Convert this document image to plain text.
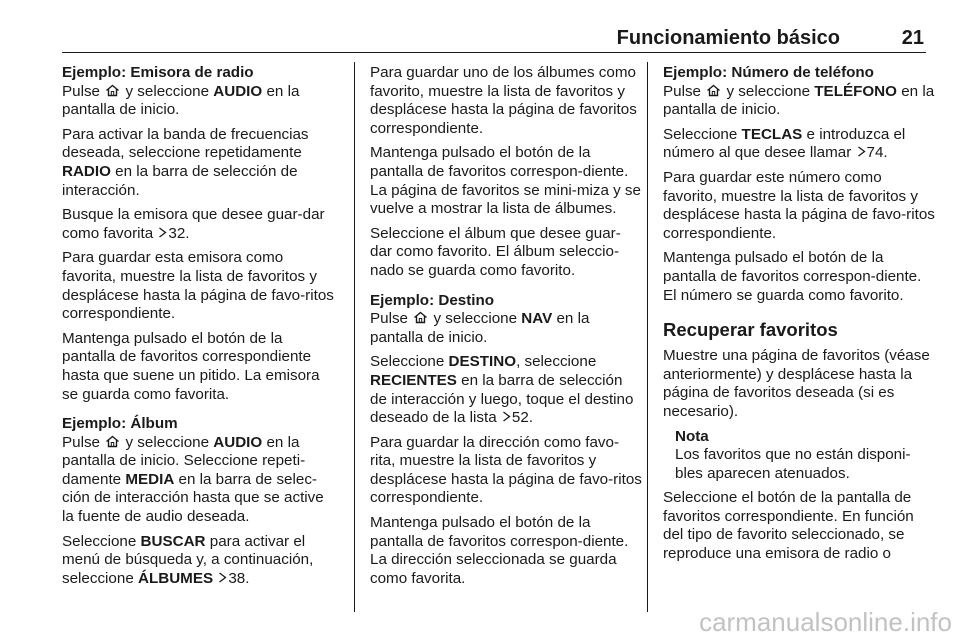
Funcionamiento básico	21

Ejemplo: Emisora de radio

Pulse y seleccione AUDIO en la pantalla de inicio.

Para activar la banda de frecuencias deseada, seleccione repetidamente RADIO en la barra de selección de interacción.

Busque la emisora que desee guar-dar como favorita 32.

Para guardar esta emisora como favorita, muestre la lista de favoritos y desplácese hasta la página de favo-ritos correspondiente.

Mantenga pulsado el botón de la pantalla de favoritos correspondiente hasta que suene un pitido. La emisora se guarda como favorita.

Ejemplo: Álbum

Pulse y seleccione AUDIO en la pantalla de inicio. Seleccione repeti-damente MEDIA en la barra de selec-ción de interacción hasta que se active la fuente de audio deseada.

Seleccione BUSCAR para activar el menú de búsqueda y, a continuación, seleccione ÁLBUMES 38.

Para guardar uno de los álbumes como favorito, muestre la lista de favoritos y desplácese hasta la página de favoritos correspondiente.

Mantenga pulsado el botón de la pantalla de favoritos correspon-diente. La página de favoritos se mini-miza y se vuelve a mostrar la lista de álbumes.

Seleccione el álbum que desee guar-dar como favorito. El álbum seleccio-nado se guarda como favorito.

Ejemplo: Destino

Pulse y seleccione NAV en la pantalla de inicio.

Seleccione DESTINO, seleccione RECIENTES en la barra de selección de interacción y luego, toque el destino deseado de la lista 52.

Para guardar la dirección como favo-rita, muestre la lista de favoritos y desplácese hasta la página de favo-ritos correspondiente.

Mantenga pulsado el botón de la pantalla de favoritos correspon-diente. La dirección seleccionada se guarda como favorita.

Ejemplo: Número de teléfono

Pulse y seleccione TELÉFONO en la pantalla de inicio.

Seleccione TECLAS e introduzca el número al que desee llamar 74.

Para guardar este número como favorito, muestre la lista de favoritos y desplácese hasta la página de favo-ritos correspondiente.

Mantenga pulsado el botón de la pantalla de favoritos correspon-diente. El número se guarda como favorito.

Recuperar favoritos

Muestre una página de favoritos (véase anteriormente) y desplácese hasta la página de favoritos deseada (si es necesario).

Nota

Los favoritos que no están disponi-bles aparecen atenuados.

Seleccione el botón de la pantalla de favoritos correspondiente. En función del tipo de favorito seleccionado, se reproduce una emisora de radio o

carmanualsonline.info
